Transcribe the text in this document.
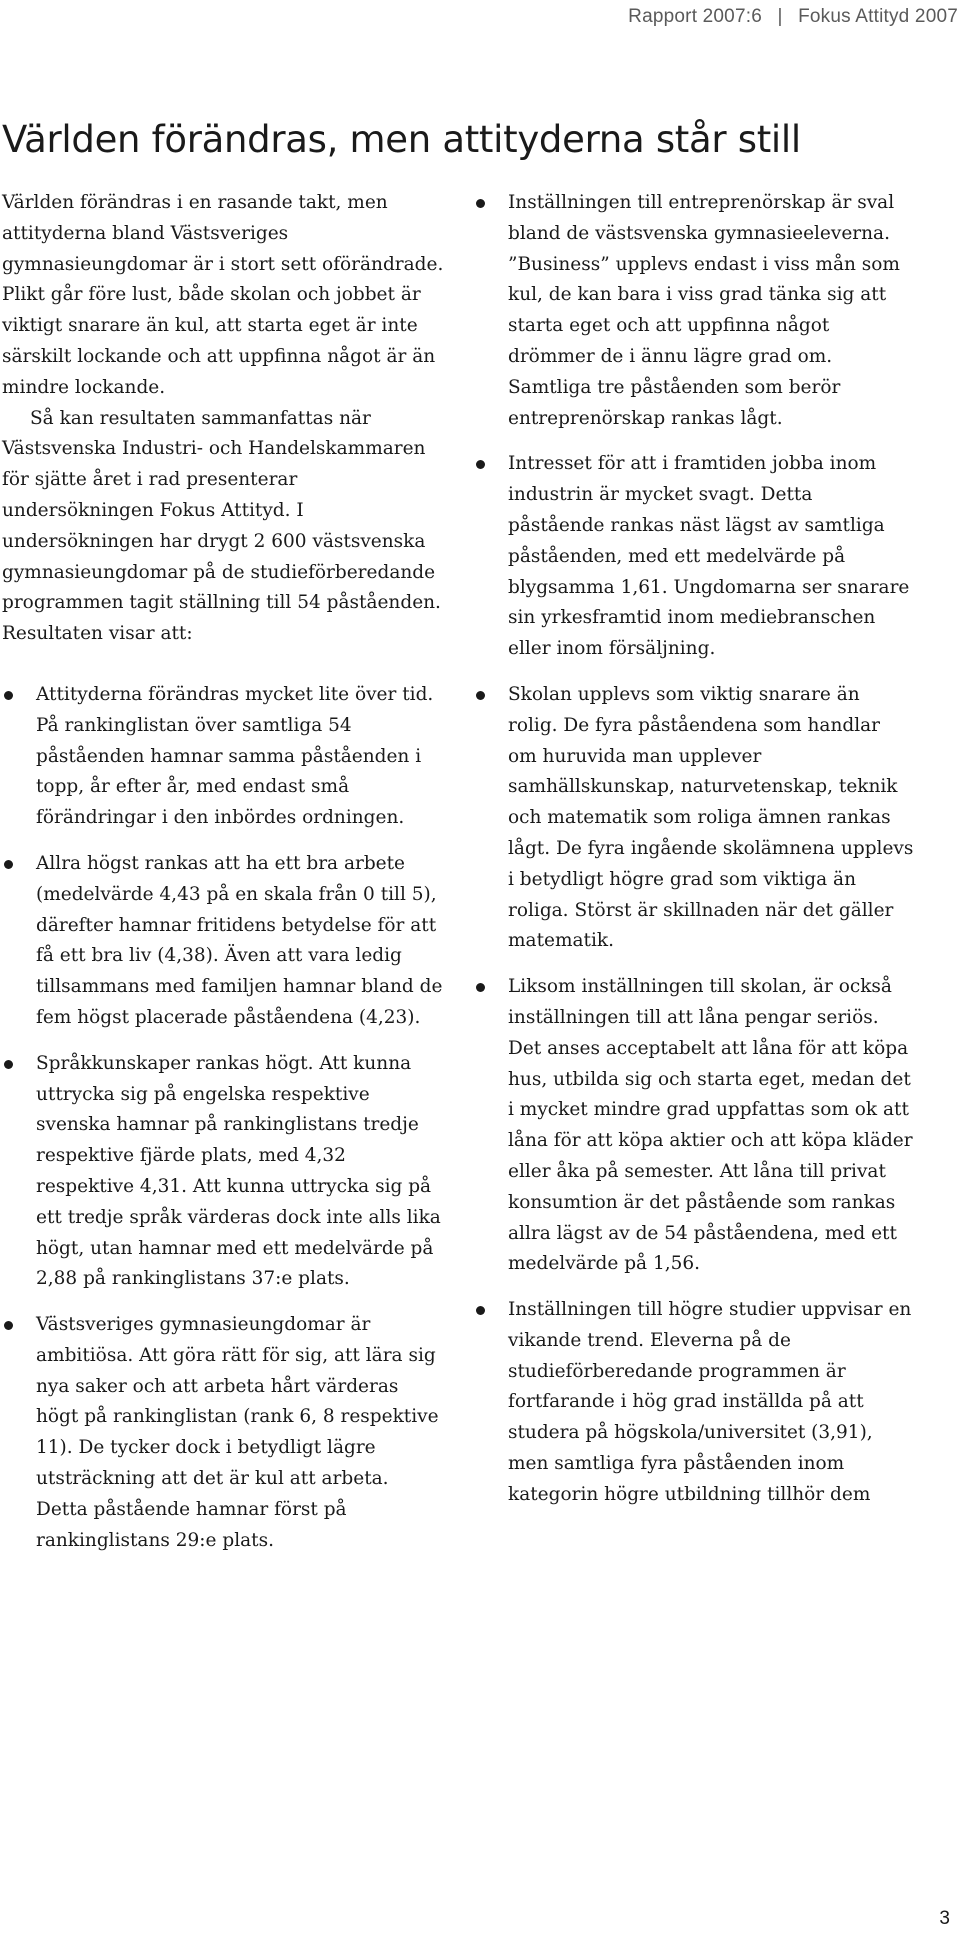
Rapport 2007:6 | Fokus Attityd 2007
Världen förändras, men attityderna står still

Världen förändras i en rasande takt, men attityderna bland Västsveriges gymnasieungdomar är i stort sett oförändrade. Plikt går före lust, både skolan och jobbet är viktigt snarare än kul, att starta eget är inte särskilt lockande och att uppfinna något är än mindre lockande.

Så kan resultaten sammanfattas när Västsvenska Industri- och Handelskammaren för sjätte året i rad presenterar undersökningen Fokus Attityd. I undersökningen har drygt 2 600 västsvenska gymnasieungdomar på de studieförberedande programmen tagit ställning till 54 påståenden. Resultaten visar att:

Attityderna förändras mycket lite över tid. På rankinglistan över samtliga 54 påståenden hamnar samma påståenden i topp, år efter år, med endast små förändringar i den inbördes ordningen.
Allra högst rankas att ha ett bra arbete (medelvärde 4,43 på en skala från 0 till 5), därefter hamnar fritidens betydelse för att få ett bra liv (4,38). Även att vara ledig tillsammans med familjen hamnar bland de fem högst placerade påståendena (4,23).
Språkkunskaper rankas högt. Att kunna uttrycka sig på engelska respektive svenska hamnar på rankinglistans tredje respektive fjärde plats, med 4,32 respektive 4,31. Att kunna uttrycka sig på ett tredje språk värderas dock inte alls lika högt, utan hamnar med ett medelvärde på 2,88 på rankinglistans 37:e plats.
Västsveriges gymnasieungdomar är ambitiösa. Att göra rätt för sig, att lära sig nya saker och att arbeta hårt värderas högt på rankinglistan (rank 6, 8 respektive 11). De tycker dock i betydligt lägre utsträckning att det är kul att arbeta. Detta påstående hamnar först på rankinglistans 29:e plats.
Inställningen till entreprenörskap är sval bland de västsvenska gymnasieeleverna. ”Business” upplevs endast i viss mån som kul, de kan bara i viss grad tänka sig att starta eget och att uppfinna något drömmer de i ännu lägre grad om. Samtliga tre påståenden som berör entreprenörskap rankas lågt.
Intresset för att i framtiden jobba inom industrin är mycket svagt. Detta påstående rankas näst lägst av samtliga påståenden, med ett medelvärde på blygsamma 1,61. Ungdomarna ser snarare sin yrkesframtid inom mediebranschen eller inom försäljning.
Skolan upplevs som viktig snarare än rolig. De fyra påståendena som handlar om huruvida man upplever samhällskunskap, naturvetenskap, teknik och matematik som roliga ämnen rankas lågt. De fyra ingående skolämnena upplevs i betydligt högre grad som viktiga än roliga. Störst är skillnaden när det gäller matematik.
Liksom inställningen till skolan, är också inställningen till att låna pengar seriös. Det anses acceptabelt att låna för att köpa hus, utbilda sig och starta eget, medan det i mycket mindre grad uppfattas som ok att låna för att köpa aktier och att köpa kläder eller åka på semester. Att låna till privat konsumtion är det påstående som rankas allra lägst av de 54 påståendena, med ett medelvärde på 1,56.
Inställningen till högre studier uppvisar en vikande trend. Eleverna på de studieförberedande programmen är fortfarande i hög grad inställda på att studera på högskola/universitet (3,91), men samtliga fyra påståenden inom kategorin högre utbildning tillhör dem
3
